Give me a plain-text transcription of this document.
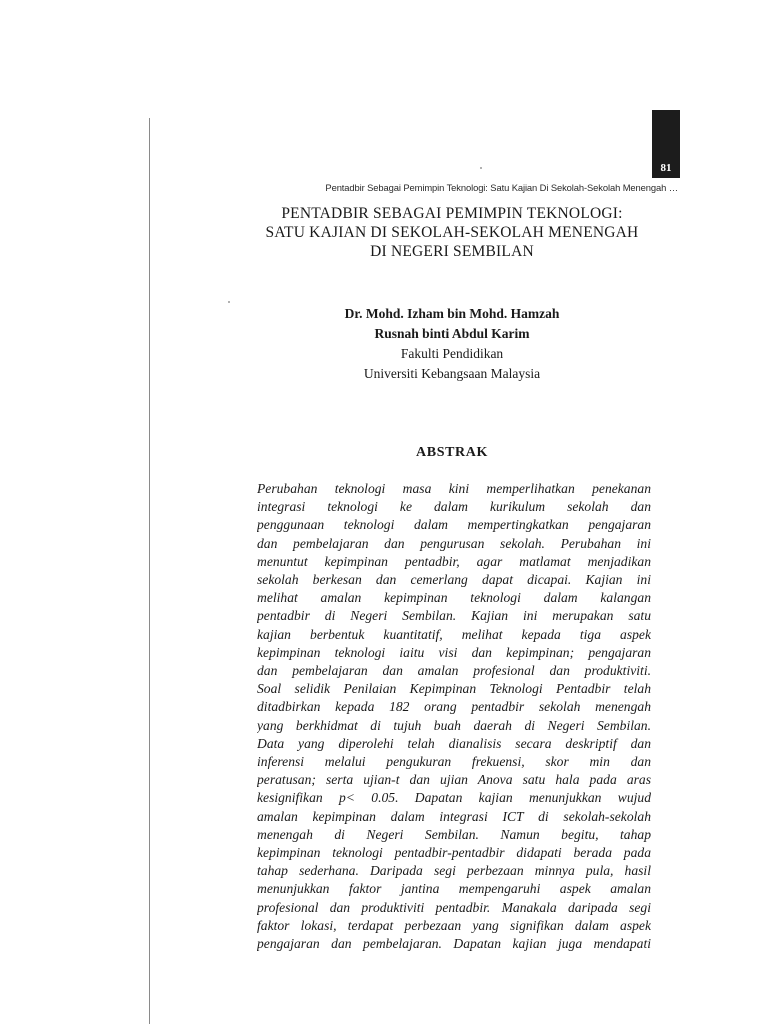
81
Pentadbir Sebagai Pemimpin Teknologi: Satu Kajian Di Sekolah-Sekolah Menengah …
PENTADBIR SEBAGAI PEMIMPIN TEKNOLOGI:
SATU KAJIAN DI SEKOLAH-SEKOLAH MENENGAH
DI NEGERI SEMBILAN
Dr. Mohd. Izham bin Mohd. Hamzah
Rusnah binti Abdul Karim
Fakulti Pendidikan
Universiti Kebangsaan Malaysia
ABSTRAK
Perubahan teknologi masa kini memperlihatkan penekanan
integrasi teknologi ke dalam kurikulum sekolah dan
penggunaan teknologi dalam mempertingkatkan pengajaran
dan pembelajaran dan pengurusan sekolah. Perubahan ini
menuntut kepimpinan pentadbir, agar matlamat menjadikan
sekolah berkesan dan cemerlang dapat dicapai. Kajian ini
melihat amalan kepimpinan teknologi dalam kalangan
pentadbir di Negeri Sembilan. Kajian ini merupakan satu
kajian berbentuk kuantitatif, melihat kepada tiga aspek
kepimpinan teknologi iaitu visi dan kepimpinan; pengajaran
dan pembelajaran dan amalan profesional dan produktiviti.
Soal selidik Penilaian Kepimpinan Teknologi Pentadbir telah
ditadbirkan kepada 182 orang pentadbir sekolah menengah
yang berkhidmat di tujuh buah daerah di Negeri Sembilan.
Data yang diperolehi telah dianalisis secara deskriptif dan
inferensi melalui pengukuran frekuensi, skor min dan
peratusan; serta ujian-t dan ujian Anova satu hala pada aras
kesignifikan p< 0.05. Dapatan kajian menunjukkan wujud
amalan kepimpinan dalam integrasi ICT di sekolah-sekolah
menengah di Negeri Sembilan. Namun begitu, tahap
kepimpinan teknologi pentadbir-pentadbir didapati berada pada
tahap sederhana. Daripada segi perbezaan minnya pula, hasil
menunjukkan faktor jantina mempengaruhi aspek amalan
profesional dan produktiviti pentadbir. Manakala daripada segi
faktor lokasi, terdapat perbezaan yang signifikan dalam aspek
pengajaran dan pembelajaran. Dapatan kajian juga mendapati
